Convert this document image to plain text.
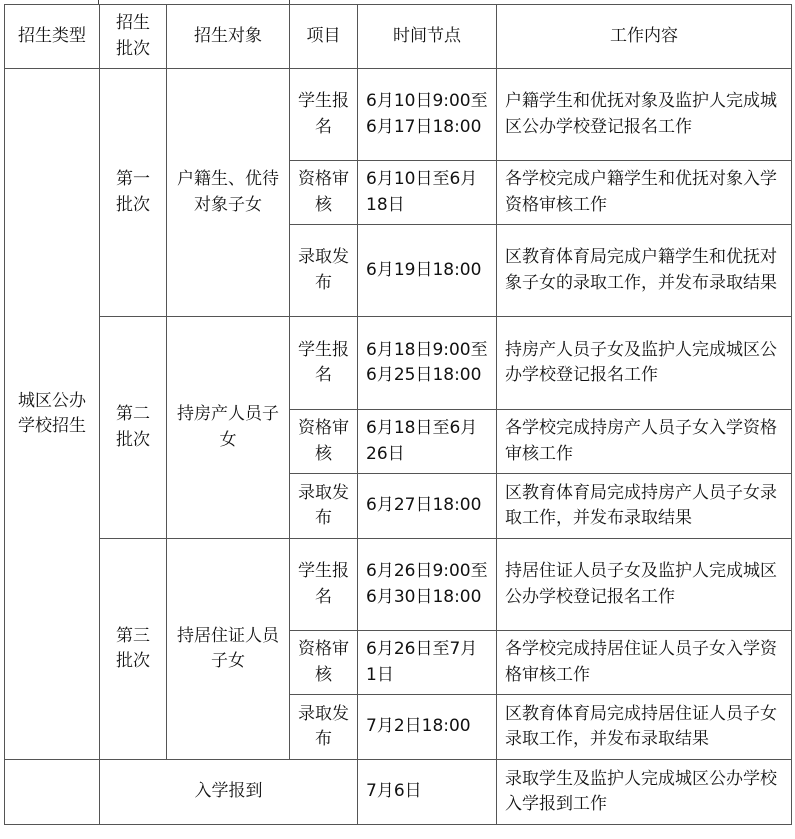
招生类型	招生批次	招生对象	项目	时间节点	工作内容
城区公办学校招生	第一批次	户籍生、优待对象子女	学生报名	6月10日9:00至6月17日18:00	户籍学生和优抚对象及监护人完成城区公办学校登记报名工作
			资格审核	6月10日至6月18日	各学校完成户籍学生和优抚对象入学资格审核工作
			录取发布	6月19日18:00	区教育体育局完成户籍学生和优抚对象子女的录取工作，并发布录取结果
	第二批次	持房产人员子女	学生报名	6月18日9:00至6月25日18:00	持房产人员子女及监护人完成城区公办学校登记报名工作
			资格审核	6月18日至6月26日	各学校完成持房产人员子女入学资格审核工作
			录取发布	6月27日18:00	区教育体育局完成持房产人员子女录取工作，并发布录取结果
	第三批次	持居住证人员子女	学生报名	6月26日9:00至6月30日18:00	持居住证人员子女及监护人完成城区公办学校登记报名工作
			资格审核	6月26日至7月1日	各学校完成持居住证人员子女入学资格审核工作
			录取发布	7月2日18:00	区教育体育局完成持居住证人员子女录取工作，并发布录取结果
	入学报到			7月6日	录取学生及监护人完成城区公办学校入学报到工作
